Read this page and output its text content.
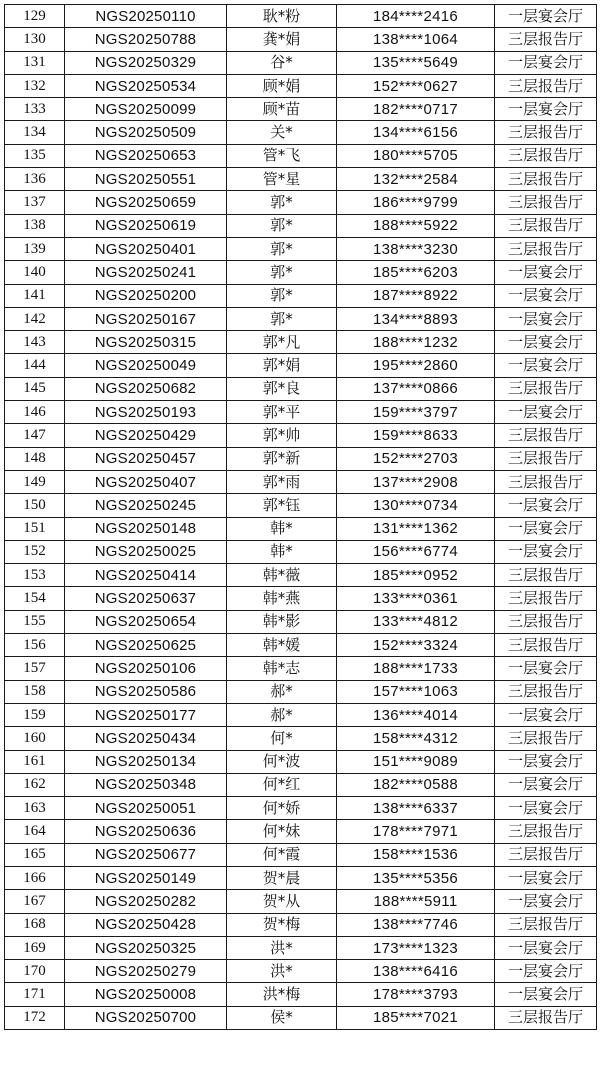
129	NGS20250110	耿*粉	184****2416	一层宴会厅
130	NGS20250788	龚*娟	138****1064	三层报告厅
131	NGS20250329	谷*	135****5649	一层宴会厅
132	NGS20250534	顾*娟	152****0627	三层报告厅
133	NGS20250099	顾*苗	182****0717	一层宴会厅
134	NGS20250509	关*	134****6156	三层报告厅
135	NGS20250653	管*飞	180****5705	三层报告厅
136	NGS20250551	管*星	132****2584	三层报告厅
137	NGS20250659	郭*	186****9799	三层报告厅
138	NGS20250619	郭*	188****5922	三层报告厅
139	NGS20250401	郭*	138****3230	三层报告厅
140	NGS20250241	郭*	185****6203	一层宴会厅
141	NGS20250200	郭*	187****8922	一层宴会厅
142	NGS20250167	郭*	134****8893	一层宴会厅
143	NGS20250315	郭*凡	188****1232	一层宴会厅
144	NGS20250049	郭*娟	195****2860	一层宴会厅
145	NGS20250682	郭*良	137****0866	三层报告厅
146	NGS20250193	郭*平	159****3797	一层宴会厅
147	NGS20250429	郭*帅	159****8633	三层报告厅
148	NGS20250457	郭*新	152****2703	三层报告厅
149	NGS20250407	郭*雨	137****2908	三层报告厅
150	NGS20250245	郭*钰	130****0734	一层宴会厅
151	NGS20250148	韩*	131****1362	一层宴会厅
152	NGS20250025	韩*	156****6774	一层宴会厅
153	NGS20250414	韩*薇	185****0952	三层报告厅
154	NGS20250637	韩*燕	133****0361	三层报告厅
155	NGS20250654	韩*影	133****4812	三层报告厅
156	NGS20250625	韩*媛	152****3324	三层报告厅
157	NGS20250106	韩*志	188****1733	一层宴会厅
158	NGS20250586	郝*	157****1063	三层报告厅
159	NGS20250177	郝*	136****4014	一层宴会厅
160	NGS20250434	何*	158****4312	三层报告厅
161	NGS20250134	何*波	151****9089	一层宴会厅
162	NGS20250348	何*红	182****0588	一层宴会厅
163	NGS20250051	何*娇	138****6337	一层宴会厅
164	NGS20250636	何*妹	178****7971	三层报告厅
165	NGS20250677	何*霞	158****1536	三层报告厅
166	NGS20250149	贺*晨	135****5356	一层宴会厅
167	NGS20250282	贺*从	188****5911	一层宴会厅
168	NGS20250428	贺*梅	138****7746	三层报告厅
169	NGS20250325	洪*	173****1323	一层宴会厅
170	NGS20250279	洪*	138****6416	一层宴会厅
171	NGS20250008	洪*梅	178****3793	一层宴会厅
172	NGS20250700	侯*	185****7021	三层报告厅
